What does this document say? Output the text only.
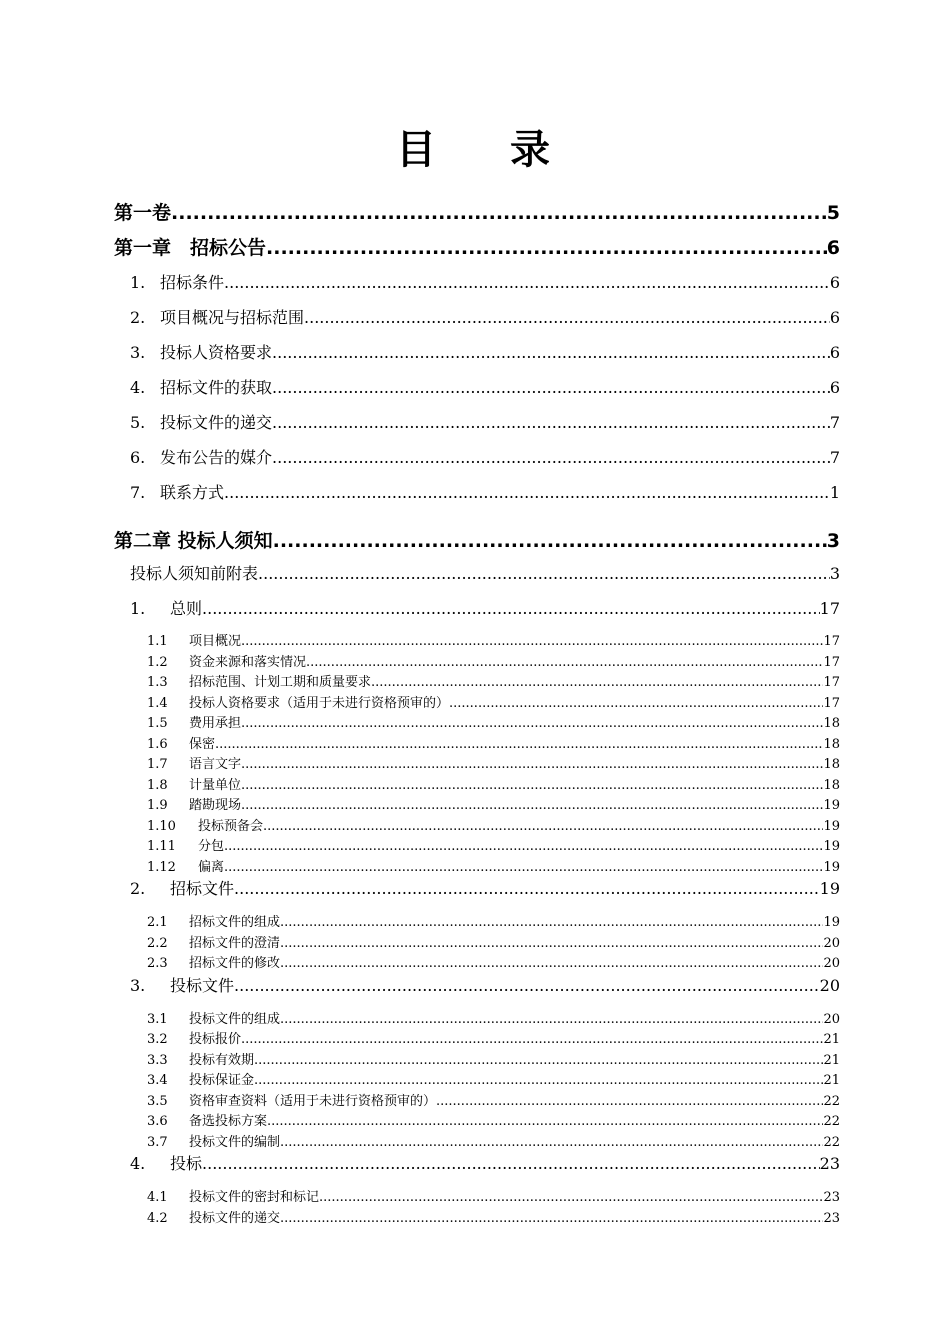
目 录
第一卷 .....	5
第一章　招标公告 .....	6
1. 招标条件 .....	6
2. 项目概况与招标范围 .....	6
3. 投标人资格要求 .....	6
4. 招标文件的获取 .....	6
5. 投标文件的递交 .....	7
6. 发布公告的媒介 .....	7
7. 联系方式 .....	1
第二章 投标人须知 .....	3
投标人须知前附表 .....	3
1. 总则 .....	17
1.1 项目概况 .....	17
1.2 资金来源和落实情况 .....	17
1.3 招标范围、计划工期和质量要求 .....	17
1.4 投标人资格要求（适用于未进行资格预审的） .....	17
1.5 费用承担 .....	18
1.6 保密 .....	18
1.7 语言文字 .....	18
1.8 计量单位 .....	18
1.9 踏勘现场 .....	19
1.10 投标预备会 .....	19
1.11 分包 .....	19
1.12 偏离 .....	19
2. 招标文件 .....	19
2.1 招标文件的组成 .....	19
2.2 招标文件的澄清 .....	20
2.3 招标文件的修改 .....	20
3. 投标文件 .....	20
3.1 投标文件的组成 .....	20
3.2 投标报价 .....	21
3.3 投标有效期 .....	21
3.4 投标保证金 .....	21
3.5 资格审查资料（适用于未进行资格预审的） .....	22
3.6 备选投标方案 .....	22
3.7 投标文件的编制 .....	22
4. 投标 .....	23
4.1 投标文件的密封和标记 .....	23
4.2 投标文件的递交 .....	23
